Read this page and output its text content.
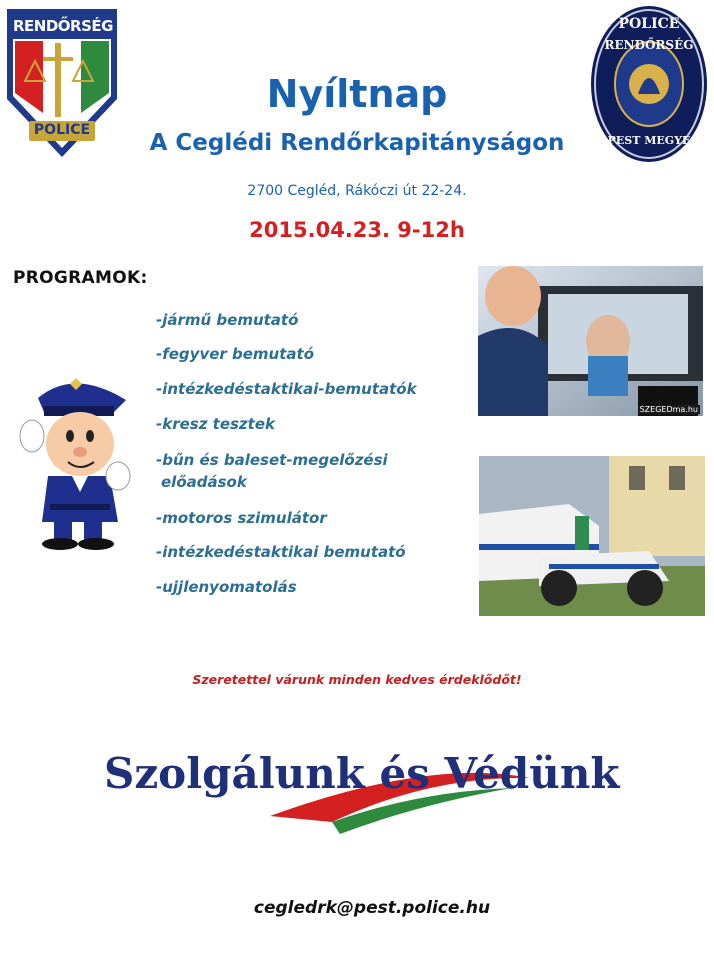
RENDŐRSÉG
POLICE
POLICE
RENDŐRSÉG
PEST MEGYE
Nyíltnap
A Ceglédi Rendőrkapitányságon
2700 Cegléd, Rákóczi út 22-24.
2015.04.23. 9-12h
PROGRAMOK:
-jármű bemutató
-fegyver bemutató
-intézkedéstaktikai-bemutatók
-kresz tesztek
-bűn és baleset-megelőzési
előadások
-motoros szimulátor
-intézkedéstaktikai bemutató
-ujjlenyomatolás
SZEGEDma.hu
Szeretettel várunk minden kedves érdeklődőt!
Szolgálunk és Védünk
cegledrk@pest.police.hu
